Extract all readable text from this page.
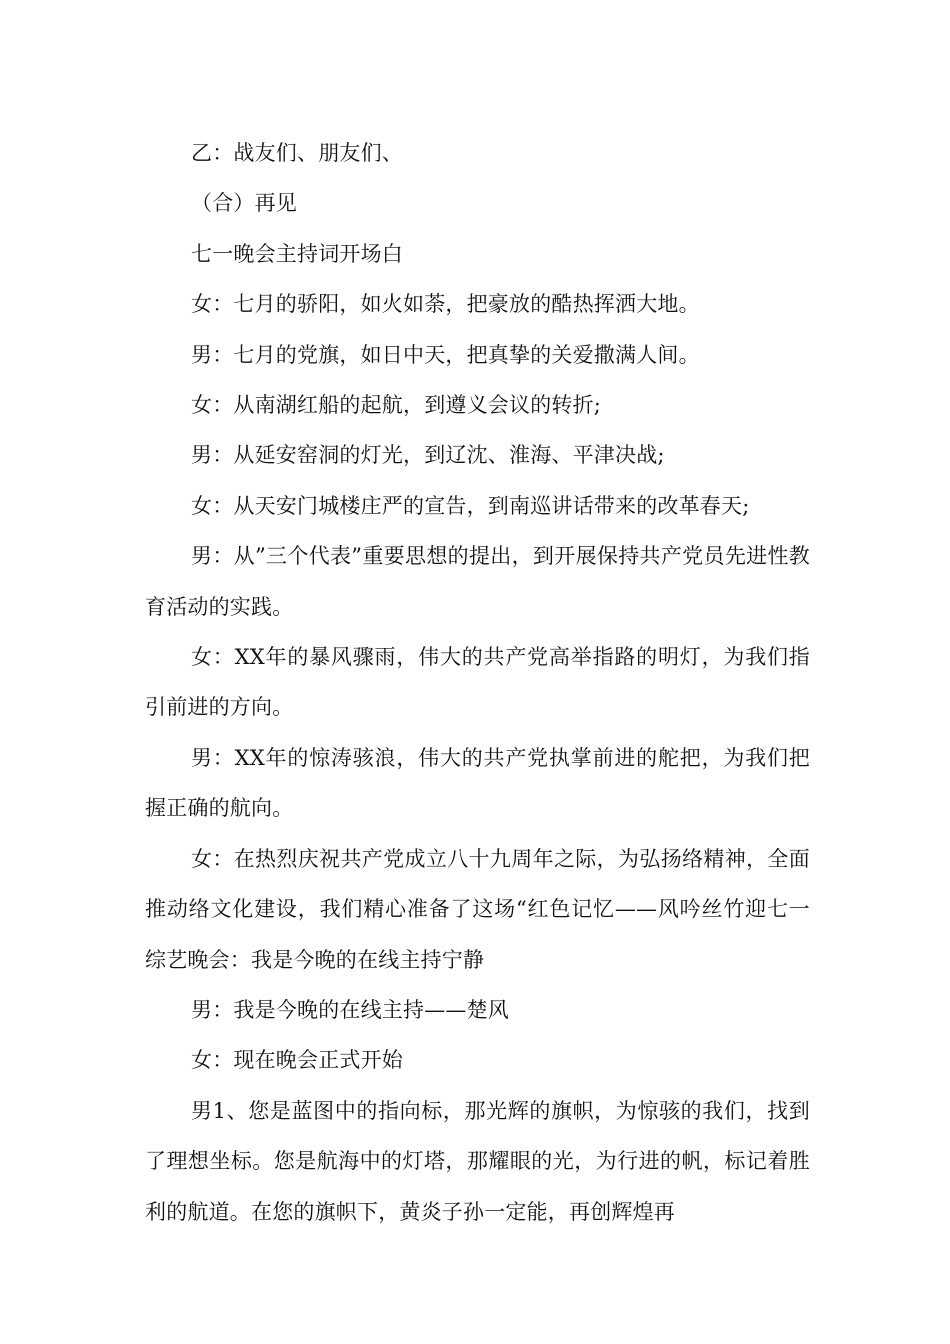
乙：战友们、朋友们、

（合）再见

七一晚会主持词开场白

女：七月的骄阳，如火如荼，把豪放的酷热挥洒大地。

男：七月的党旗，如日中天，把真挚的关爱撒满人间。

女：从南湖红船的起航，到遵义会议的转折;

男：从延安窑洞的灯光，到辽沈、淮海、平津决战;

女：从天安门城楼庄严的宣告，到南巡讲话带来的改革春天;

男：从”三个代表”重要思想的提出，到开展保持共产党员先进性教育活动的实践。

女：XX年的暴风骤雨，伟大的共产党高举指路的明灯，为我们指引前进的方向。

男：XX年的惊涛骇浪，伟大的共产党执掌前进的舵把，为我们把握正确的航向。

女：在热烈庆祝共产党成立八十九周年之际，为弘扬络精神，全面推动络文化建设，我们精心准备了这场“红色记忆——风吟丝竹迎七一综艺晚会：我是今晚的在线主持宁静

男：我是今晚的在线主持——楚风

女：现在晚会正式开始

男1、您是蓝图中的指向标，那光辉的旗帜，为惊骇的我们，找到了理想坐标。您是航海中的灯塔，那耀眼的光，为行进的帆，标记着胜利的航道。在您的旗帜下，黄炎子孙一定能，再创辉煌再
